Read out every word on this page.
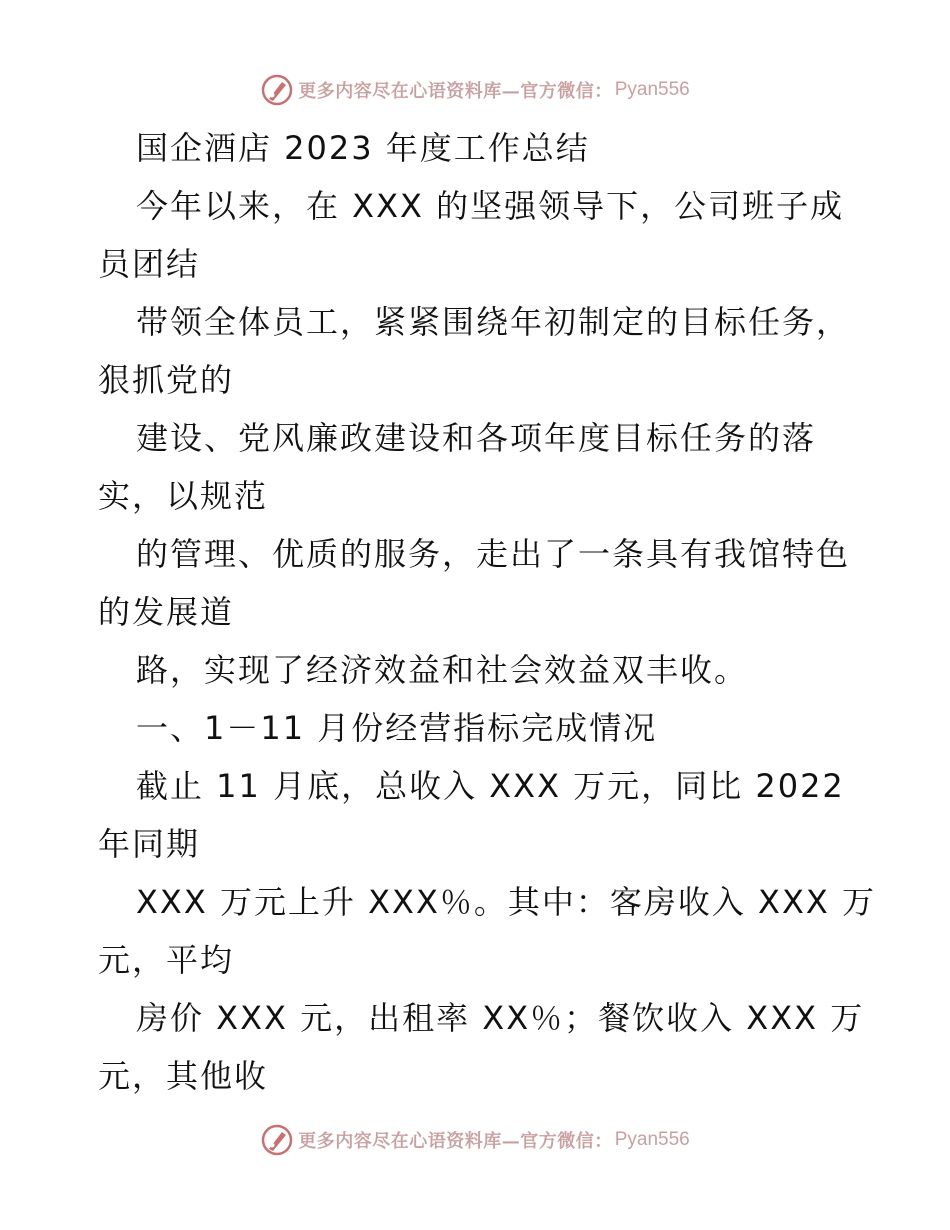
更多内容尽在心语资料库—官方微信： Pyan556
国企酒店 2023 年度工作总结
今年以来，在 XXX 的坚强领导下，公司班子成
员团结
带领全体员工，紧紧围绕年初制定的目标任务，
狠抓党的
建设、党风廉政建设和各项年度目标任务的落
实，以规范
的管理、优质的服务，走出了一条具有我馆特色
的发展道
路，实现了经济效益和社会效益双丰收。
一、1－11 月份经营指标完成情况
截止 11 月底，总收入 XXX 万元，同比 2022
年同期
XXX 万元上升 XXX％。其中：客房收入 XXX 万
元，平均
房价 XXX 元，出租率 XX％；餐饮收入 XXX 万
元，其他收
更多内容尽在心语资料库—官方微信： Pyan556
